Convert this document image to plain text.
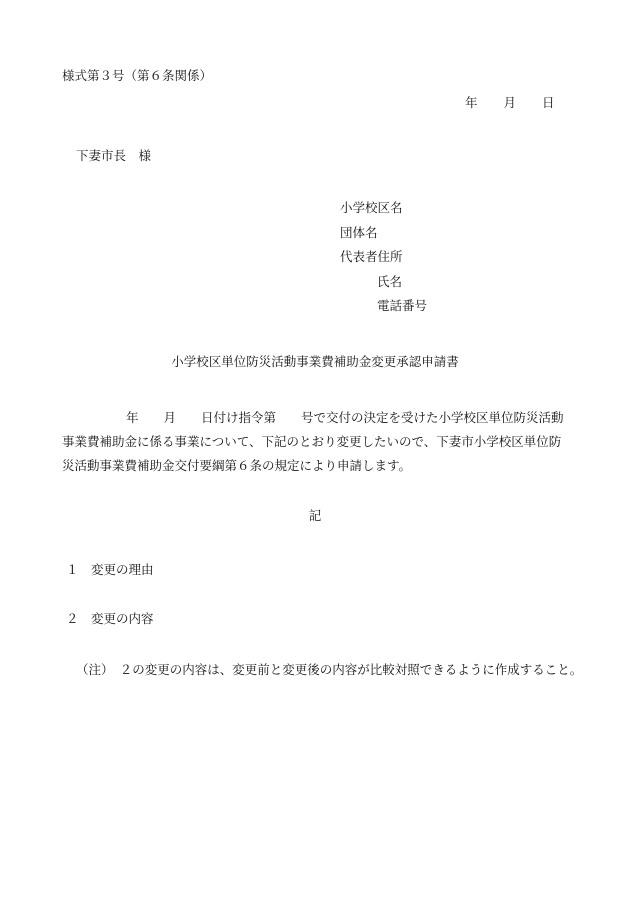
様式第３号（第６条関係）
年 月 日
下妻市長　様
小学校区名
団体名
代表者住所
氏名
電話番号
小学校区単位防災活動事業費補助金変更承認申請書
年　　月　　日付け指令第　　号で交付の決定を受けた小学校区単位防災活動
事業費補助金に係る事業について、下記のとおり変更したいので、下妻市小学校区単位防
災活動事業費補助金交付要綱第６条の規定により申請します。
記
１　変更の理由
２　変更の内容
（注）　２の変更の内容は、変更前と変更後の内容が比較対照できるように作成すること。
